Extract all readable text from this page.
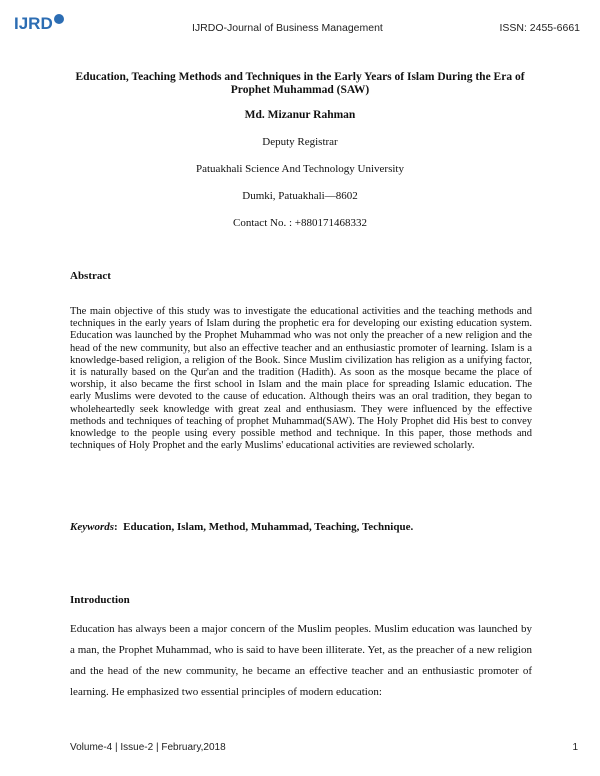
IJRD	IJRDO-Journal of Business Management	ISSN: 2455-6661
Education, Teaching Methods and Techniques in the Early Years of Islam During the Era of Prophet Muhammad (SAW)
Md. Mizanur Rahman
Deputy Registrar
Patuakhali Science And Technology University
Dumki, Patuakhali—8602
Contact No. : +880171468332
Abstract
The main objective of this study was to investigate the educational activities and the teaching methods and techniques in the early years of Islam during the prophetic era for developing our existing education system. Education was launched by the Prophet Muhammad who was not only the preacher of a new religion and the head of the new community, but also an effective teacher and an enthusiastic promoter of learning. Islam is a knowledge-based religion, a religion of the Book. Since Muslim civilization has religion as a unifying factor, it is naturally based on the Qur'an and the tradition (Hadith). As soon as the mosque became the place of worship, it also became the first school in Islam and the main place for spreading Islamic education. The early Muslims were devoted to the cause of education. Although theirs was an oral tradition, they began to wholeheartedly seek knowledge with great zeal and enthusiasm. They were influenced by the effective methods and techniques of teaching of prophet Muhammad(SAW). The Holy Prophet did His best to convey knowledge to the people using every possible method and technique. In this paper, those methods and techniques of Holy Prophet and the early Muslims' educational activities are reviewed scholarly.
Keywords:  Education, Islam, Method, Muhammad, Teaching, Technique.
Introduction
Education has always been a major concern of the Muslim peoples. Muslim education was launched by a man, the Prophet Muhammad, who is said to have been illiterate. Yet, as the preacher of a new religion and the head of the new community, he became an effective teacher and an enthusiastic promoter of learning. He emphasized two essential principles of modern education:
Volume-4 | Issue-2 | February,2018	1
